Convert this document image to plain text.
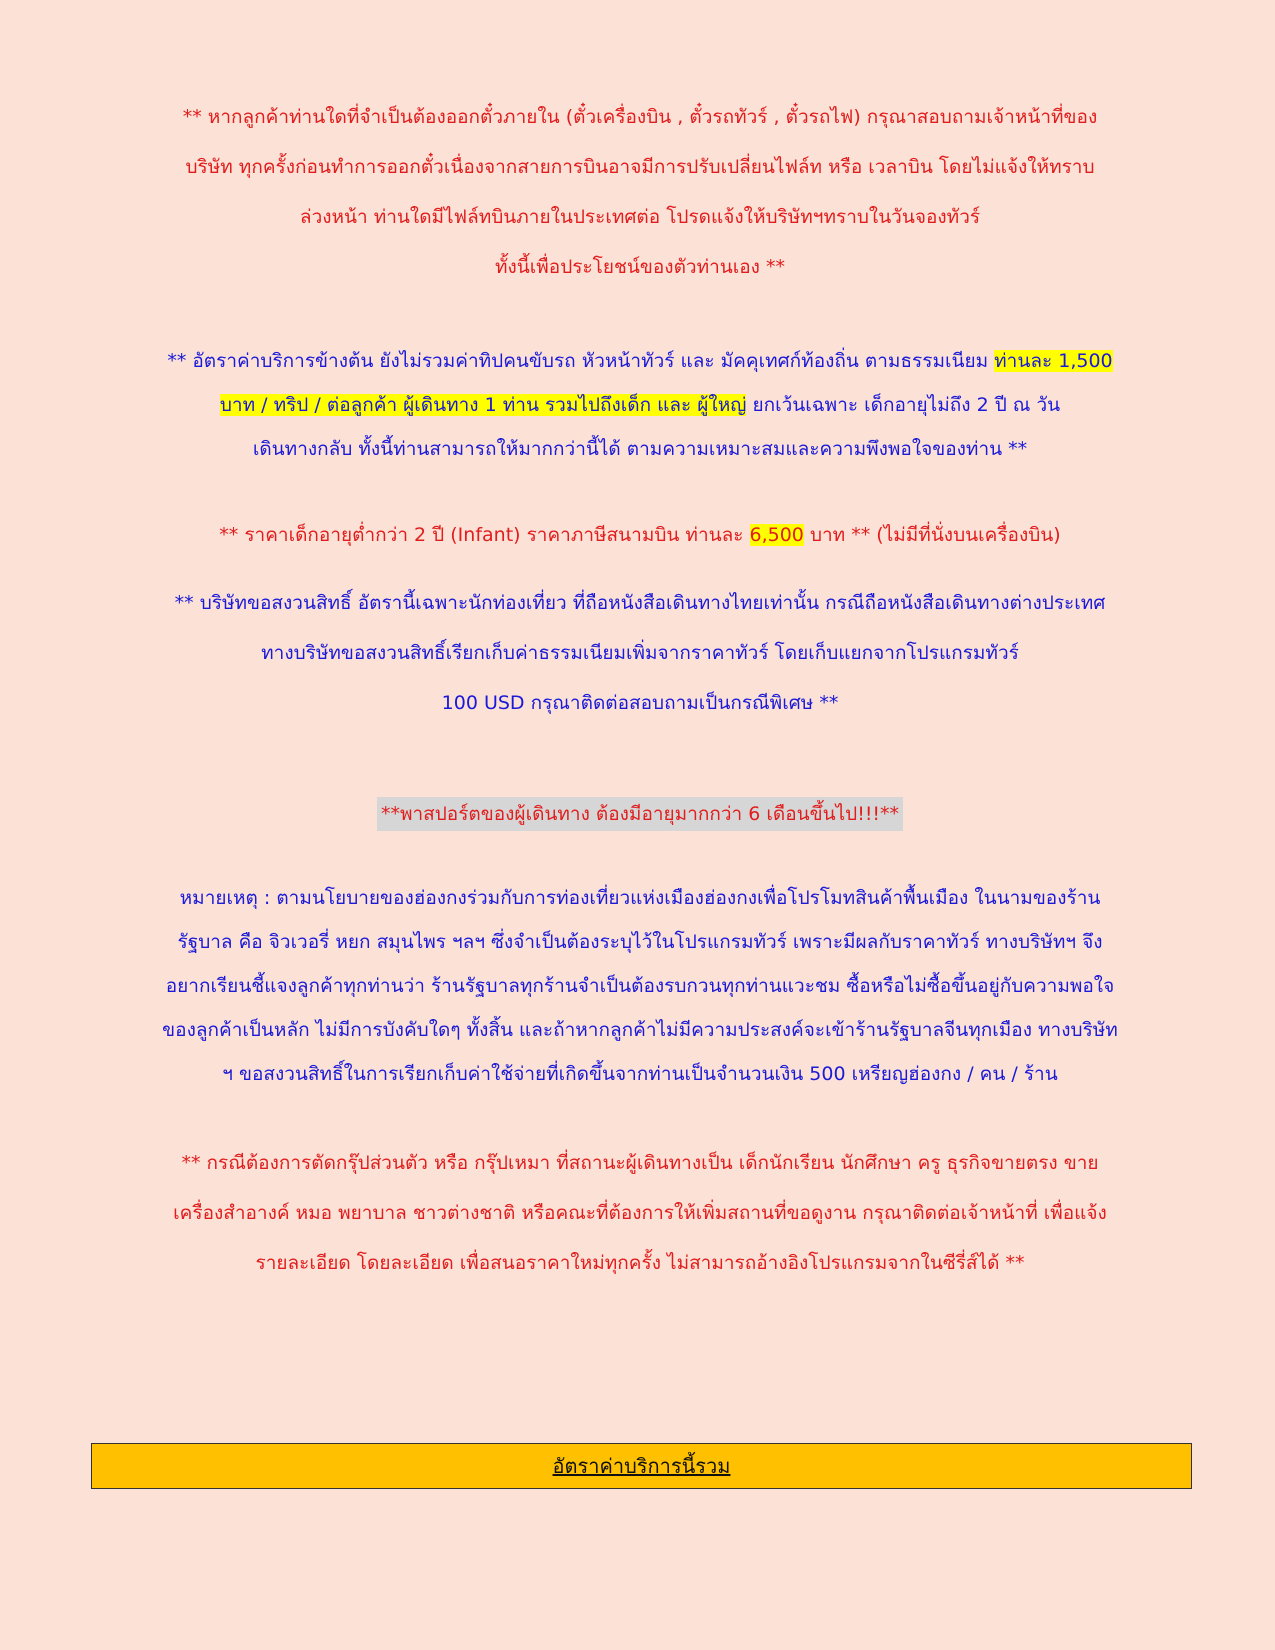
** หากลูกค้าท่านใดที่จำเป็นต้องออกตั๋วภายใน (ตั๋วเครื่องบิน , ตั๋วรถทัวร์ , ตั๋วรถไฟ) กรุณาสอบถามเจ้าหน้าที่ของ
บริษัท ทุกครั้งก่อนทำการออกตั๋วเนื่องจากสายการบินอาจมีการปรับเปลี่ยนไฟล์ท หรือ เวลาบิน โดยไม่แจ้งให้ทราบ
ล่วงหน้า ท่านใดมีไฟล์ทบินภายในประเทศต่อ โปรดแจ้งให้บริษัทฯทราบในวันจองทัวร์
ทั้งนี้เพื่อประโยชน์ของตัวท่านเอง **
** อัตราค่าบริการข้างต้น ยังไม่รวมค่าทิปคนขับรถ หัวหน้าทัวร์ และ มัคคุเทศก์ท้องถิ่น ตามธรรมเนียม ท่านละ 1,500
บาท / ทริป / ต่อลูกค้า ผู้เดินทาง 1 ท่าน รวมไปถึงเด็ก และ ผู้ใหญ่ ยกเว้นเฉพาะ เด็กอายุไม่ถึง 2 ปี ณ วัน
เดินทางกลับ ทั้งนี้ท่านสามารถให้มากกว่านี้ได้ ตามความเหมาะสมและความพึงพอใจของท่าน **
** ราคาเด็กอายุต่ำกว่า 2 ปี (Infant) ราคาภาษีสนามบิน ท่านละ 6,500 บาท ** (ไม่มีที่นั่งบนเครื่องบิน)
** บริษัทขอสงวนสิทธิ์ อัตรานี้เฉพาะนักท่องเที่ยว ที่ถือหนังสือเดินทางไทยเท่านั้น กรณีถือหนังสือเดินทางต่างประเทศ
ทางบริษัทขอสงวนสิทธิ์เรียกเก็บค่าธรรมเนียมเพิ่มจากราคาทัวร์ โดยเก็บแยกจากโปรแกรมทัวร์
100 USD กรุณาติดต่อสอบถามเป็นกรณีพิเศษ **
**พาสปอร์ตของผู้เดินทาง ต้องมีอายุมากกว่า 6 เดือนขึ้นไป!!!**
หมายเหตุ : ตามนโยบายของฮ่องกงร่วมกับการท่องเที่ยวแห่งเมืองฮ่องกงเพื่อโปรโมทสินค้าพื้นเมือง ในนามของร้าน
รัฐบาล คือ จิวเวอรี่ หยก สมุนไพร ฯลฯ ซึ่งจำเป็นต้องระบุไว้ในโปรแกรมทัวร์ เพราะมีผลกับราคาทัวร์ ทางบริษัทฯ จึง
อยากเรียนชี้แจงลูกค้าทุกท่านว่า ร้านรัฐบาลทุกร้านจำเป็นต้องรบกวนทุกท่านแวะชม ซื้อหรือไม่ซื้อขึ้นอยู่กับความพอใจ
ของลูกค้าเป็นหลัก ไม่มีการบังคับใดๆ ทั้งสิ้น และถ้าหากลูกค้าไม่มีความประสงค์จะเข้าร้านรัฐบาลจีนทุกเมือง ทางบริษัท
ฯ ขอสงวนสิทธิ์ในการเรียกเก็บค่าใช้จ่ายที่เกิดขึ้นจากท่านเป็นจำนวนเงิน 500 เหรียญฮ่องกง / คน / ร้าน
** กรณีต้องการตัดกรุ๊ปส่วนตัว หรือ กรุ๊ปเหมา ที่สถานะผู้เดินทางเป็น เด็กนักเรียน นักศึกษา ครู ธุรกิจขายตรง ขาย
เครื่องสำอางค์ หมอ พยาบาล ชาวต่างชาติ หรือคณะที่ต้องการให้เพิ่มสถานที่ขอดูงาน กรุณาติดต่อเจ้าหน้าที่ เพื่อแจ้ง
รายละเอียด โดยละเอียด เพื่อสนอราคาใหม่ทุกครั้ง ไม่สามารถอ้างอิงโปรแกรมจากในซีรี่ส์ได้ **
อัตราค่าบริการนี้รวม
